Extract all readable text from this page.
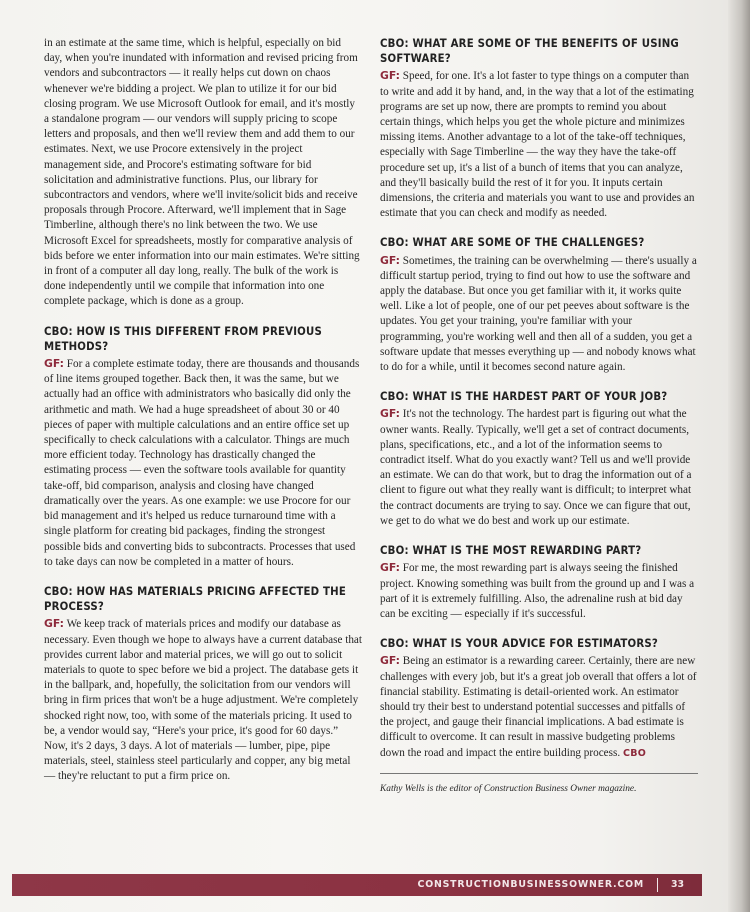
in an estimate at the same time, which is helpful, especially on bid day, when you're inundated with information and revised pricing from vendors and subcontractors — it really helps cut down on chaos whenever we're bidding a project. We plan to utilize it for our bid closing program. We use Microsoft Outlook for email, and it's mostly a standalone program — our vendors will supply pricing to scope letters and proposals, and then we'll review them and add them to our estimates. Next, we use Procore extensively in the project management side, and Procore's estimating software for bid solicitation and administrative functions. Plus, our library for subcontractors and vendors, where we'll invite/solicit bids and receive proposals through Procore. Afterward, we'll implement that in Sage Timberline, although there's no link between the two. We use Microsoft Excel for spreadsheets, mostly for comparative analysis of bids before we enter information into our main estimates. We're sitting in front of a computer all day long, really. The bulk of the work is done independently until we compile that information into one complete package, which is done as a group.

CBO: HOW IS THIS DIFFERENT FROM PREVIOUS METHODS?

GF: For a complete estimate today, there are thousands and thousands of line items grouped together. Back then, it was the same, but we actually had an office with administrators who basically did only the arithmetic and math. We had a huge spreadsheet of about 30 or 40 pieces of paper with multiple calculations and an entire office set up specifically to check calculations with a calculator. Things are much more efficient today. Technology has drastically changed the estimating process — even the software tools available for quantity take-off, bid comparison, analysis and closing have changed dramatically over the years. As one example: we use Procore for our bid management and it's helped us reduce turnaround time with a single platform for creating bid packages, finding the strongest possible bids and converting bids to subcontracts. Processes that used to take days can now be completed in a matter of hours.

CBO: HOW HAS MATERIALS PRICING AFFECTED THE PROCESS?

GF: We keep track of materials prices and modify our database as necessary. Even though we hope to always have a current database that provides current labor and material prices, we will go out to solicit materials to quote to spec before we bid a project. The database gets it in the ballpark, and, hopefully, the solicitation from our vendors will bring in firm prices that won't be a huge adjustment. We're completely shocked right now, too, with some of the materials pricing. It used to be, a vendor would say, “Here's your price, it's good for 60 days.” Now, it's 2 days, 3 days. A lot of materials — lumber, pipe, pipe materials, steel, stainless steel particularly and copper, any big metal — they're reluctant to put a firm price on.

CBO: WHAT ARE SOME OF THE BENEFITS OF USING SOFTWARE?

GF: Speed, for one. It's a lot faster to type things on a computer than to write and add it by hand, and, in the way that a lot of the estimating programs are set up now, there are prompts to remind you about certain things, which helps you get the whole picture and minimizes missing items. Another advantage to a lot of the take-off techniques, especially with Sage Timberline — the way they have the take-off procedure set up, it's a list of a bunch of items that you can analyze, and they'll basically build the rest of it for you. It inputs certain dimensions, the criteria and materials you want to use and provides an estimate that you can check and modify as needed.

CBO: WHAT ARE SOME OF THE CHALLENGES?

GF: Sometimes, the training can be overwhelming — there's usually a difficult startup period, trying to find out how to use the software and apply the database. But once you get familiar with it, it works quite well. Like a lot of people, one of our pet peeves about software is the updates. You get your training, you're familiar with your programming, you're working well and then all of a sudden, you get a software update that messes everything up — and nobody knows what to do for a while, until it becomes second nature again.

CBO: WHAT IS THE HARDEST PART OF YOUR JOB?

GF: It's not the technology. The hardest part is figuring out what the owner wants. Really. Typically, we'll get a set of contract documents, plans, specifications, etc., and a lot of the information seems to contradict itself. What do you exactly want? Tell us and we'll provide an estimate. We can do that work, but to drag the information out of a client to figure out what they really want is difficult; to interpret what the contract documents are trying to say. Once we can figure that out, we get to do what we do best and work up our estimate.

CBO: WHAT IS THE MOST REWARDING PART?

GF: For me, the most rewarding part is always seeing the finished project. Knowing something was built from the ground up and I was a part of it is extremely fulfilling. Also, the adrenaline rush at bid day can be exciting — especially if it's successful.

CBO: WHAT IS YOUR ADVICE FOR ESTIMATORS?

GF: Being an estimator is a rewarding career. Certainly, there are new challenges with every job, but it's a great job overall that offers a lot of financial stability. Estimating is detail-oriented work. An estimator should try their best to understand potential successes and pitfalls of the project, and gauge their financial implications. A bad estimate is difficult to overcome. It can result in massive budgeting problems down the road and impact the entire building process. CBO

Kathy Wells is the editor of Construction Business Owner magazine.

CONSTRUCTIONBUSINESSOWNER.COM	33
